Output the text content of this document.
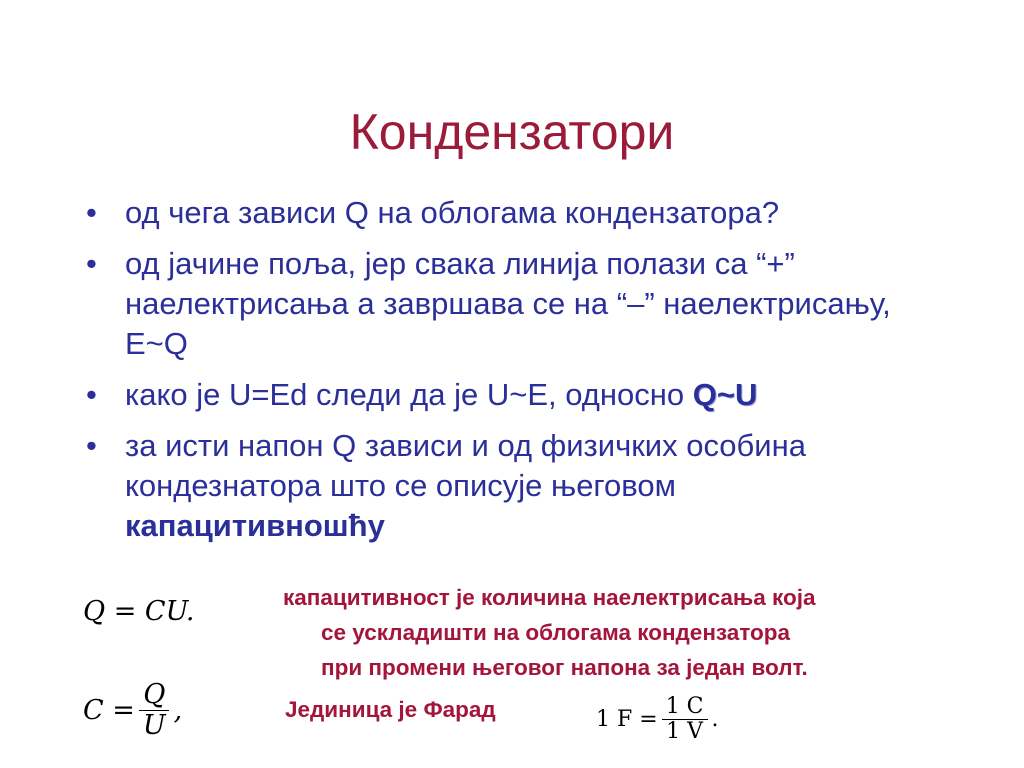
Кондензатори
• од чега зависи Q на облогама кондензатора?
• од јачине поља, јер свака линија полази са “+”
наелектрисања а завршава се на “–” наелектрисању,
E~Q
• како је U=Ed следи да је U~E, односно Q~U
• за исти напон Q зависи и од физичких особина
кондезнатора што се описује његовом
капацитивношћу
Q = CU.
$C = \frac{Q}{U}$ ,
капацитивност је количина наелектрисања која
се ускладишти на облогама кондензатора
при промени његовог напона за један волт.
Јединица је Фарад	1 $F = \frac{1 C}{1 V}$ .
